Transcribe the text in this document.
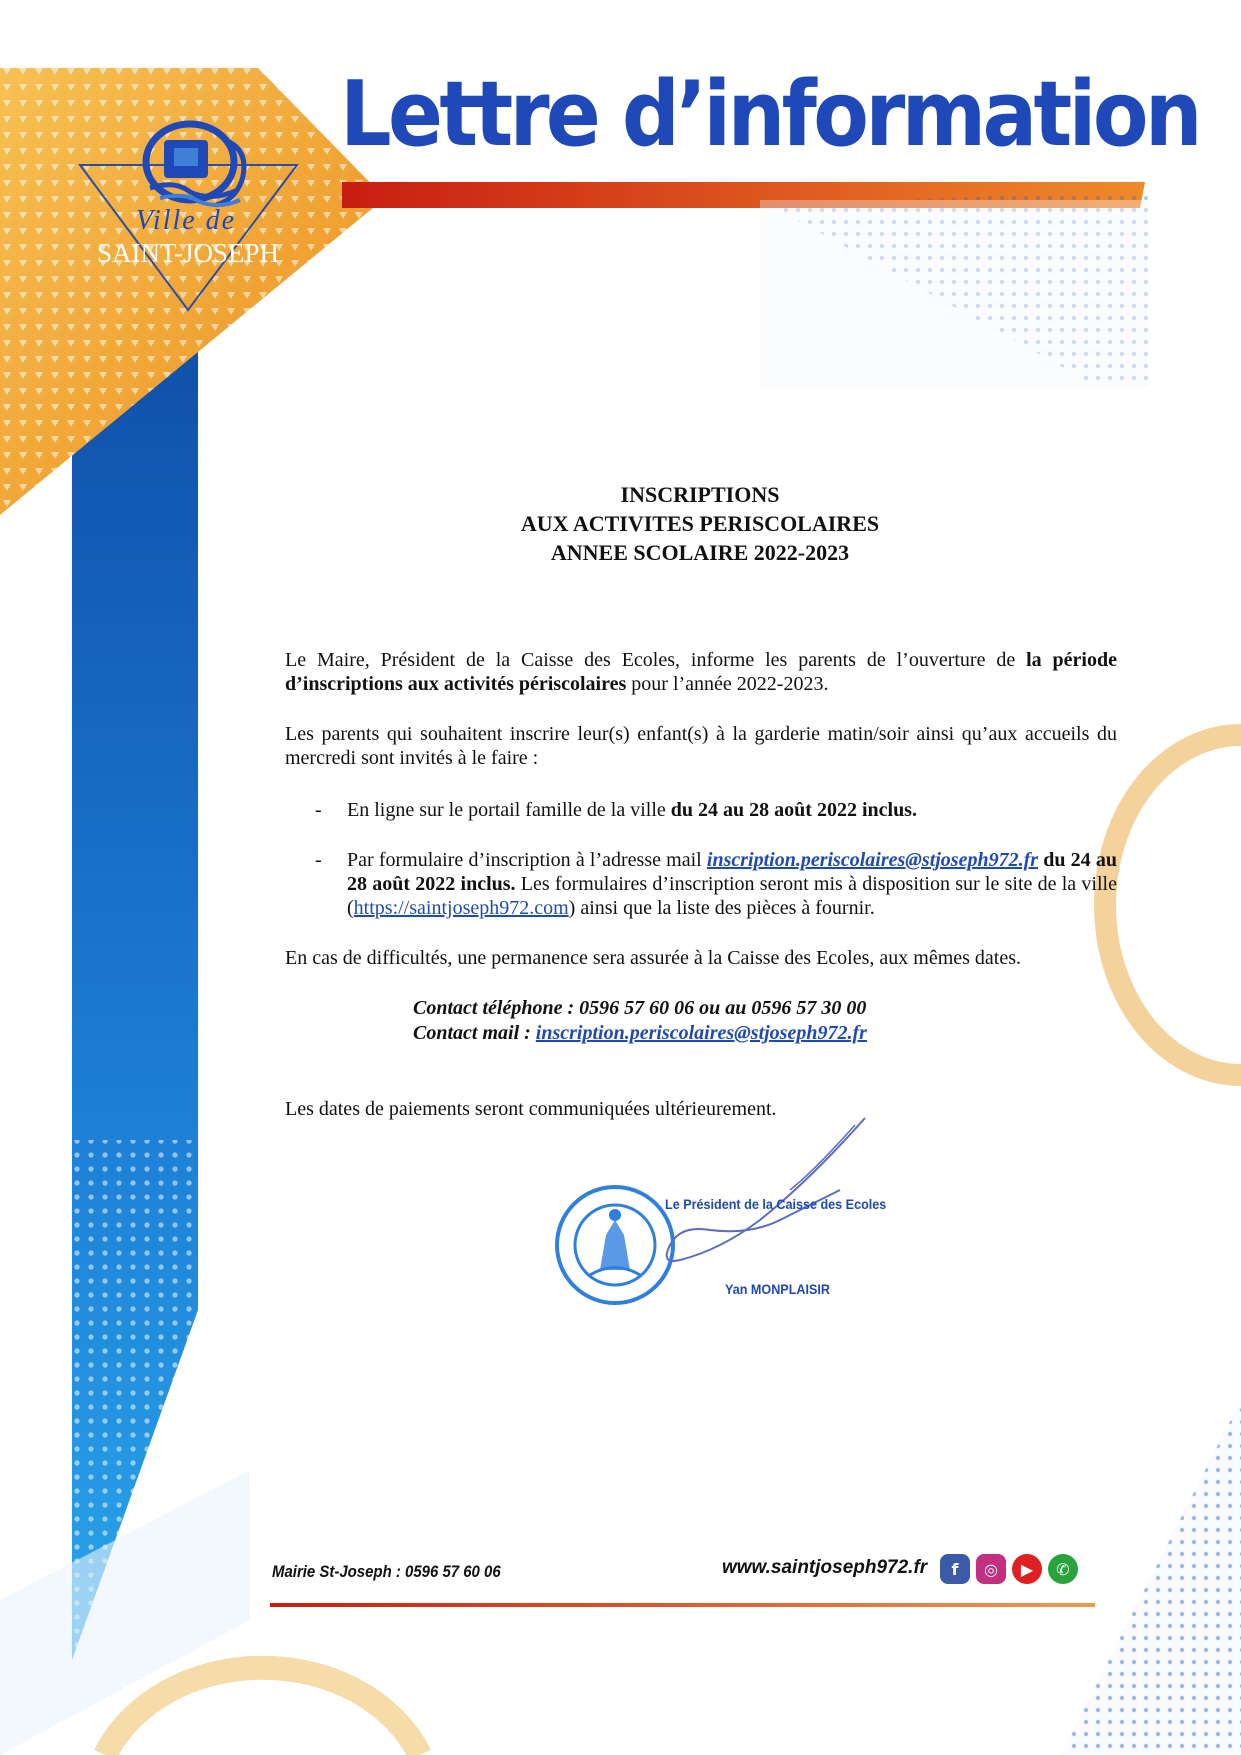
Ville de
SAINT-JOSEPH
Lettre d’information
INSCRIPTIONS
AUX ACTIVITES PERISCOLAIRES
ANNEE SCOLAIRE 2022-2023
Le Maire, Président de la Caisse des Ecoles, informe les parents de l’ouverture de la période d’inscriptions aux activités périscolaires pour l’année 2022-2023.
Les parents qui souhaitent inscrire leur(s) enfant(s) à la garderie matin/soir ainsi qu’aux accueils du mercredi sont invités à le faire :
- En ligne sur le portail famille de la ville du 24 au 28 août 2022 inclus.
- Par formulaire d’inscription à l’adresse mail inscription.periscolaires@stjoseph972.fr du 24 au 28 août 2022 inclus. Les formulaires d’inscription seront mis à disposition sur le site de la ville (https://saintjoseph972.com) ainsi que la liste des pièces à fournir.
En cas de difficultés, une permanence sera assurée à la Caisse des Ecoles, aux mêmes dates.
Contact téléphone : 0596 57 60 06 ou au 0596 57 30 00
Contact mail : inscription.periscolaires@stjoseph972.fr
Les dates de paiements seront communiquées ultérieurement.
Le Président de la Caisse des Ecoles
Yan MONPLAISIR
Mairie St-Joseph : 0596 57 60 06	www.saintjoseph972.fr	f	◎	▶	✆
